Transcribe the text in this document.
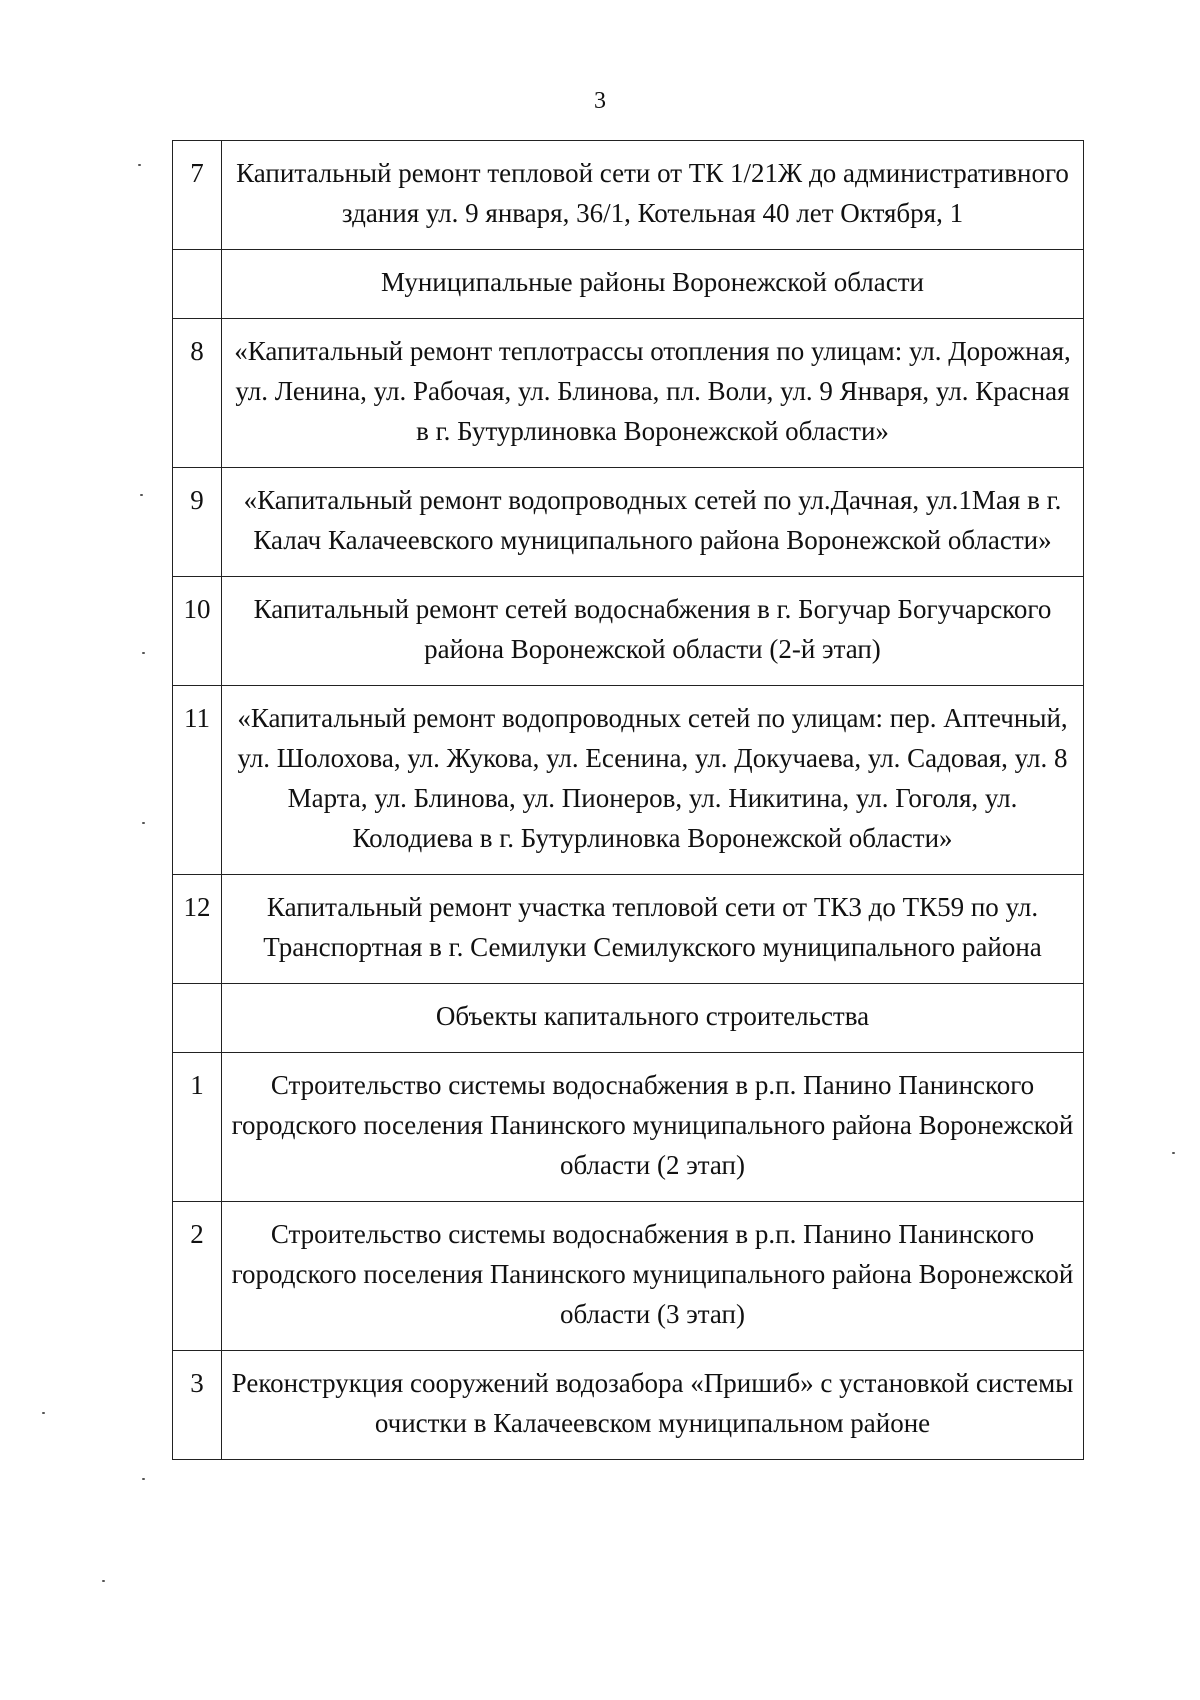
3
7	Капитальный ремонт тепловой сети от ТК 1/21Ж до административного здания ул. 9 января, 36/1, Котельная 40 лет Октября, 1
	Муниципальные районы Воронежской области
8	«Капитальный ремонт теплотрассы отопления по улицам: ул. Дорожная, ул. Ленина, ул. Рабочая, ул. Блинова, пл. Воли, ул. 9 Января, ул. Красная в г. Бутурлиновка Воронежской области»
9	«Капитальный ремонт водопроводных сетей по ул.Дачная, ул.1Мая в г. Калач Калачеевского муниципального района Воронежской области»
10	Капитальный ремонт сетей водоснабжения в г. Богучар Богучарского района Воронежской области (2-й этап)
11	«Капитальный ремонт водопроводных сетей по улицам: пер. Аптечный, ул. Шолохова, ул. Жукова, ул. Есенина, ул. Докучаева, ул. Садовая, ул. 8 Марта, ул. Блинова, ул. Пионеров, ул. Никитина, ул. Гоголя, ул. Колодиева в г. Бутурлиновка Воронежской области»
12	Капитальный ремонт участка тепловой сети от ТК3 до ТК59 по ул. Транспортная в г. Семилуки Семилукского муниципального района
	Объекты капитального строительства
1	Строительство системы водоснабжения в р.п. Панино Панинского городского поселения Панинского муниципального района Воронежской области (2 этап)
2	Строительство системы водоснабжения в р.п. Панино Панинского городского поселения Панинского муниципального района Воронежской области (3 этап)
3	Реконструкция сооружений водозабора «Пришиб» с установкой системы очистки в Калачеевском муниципальном районе
